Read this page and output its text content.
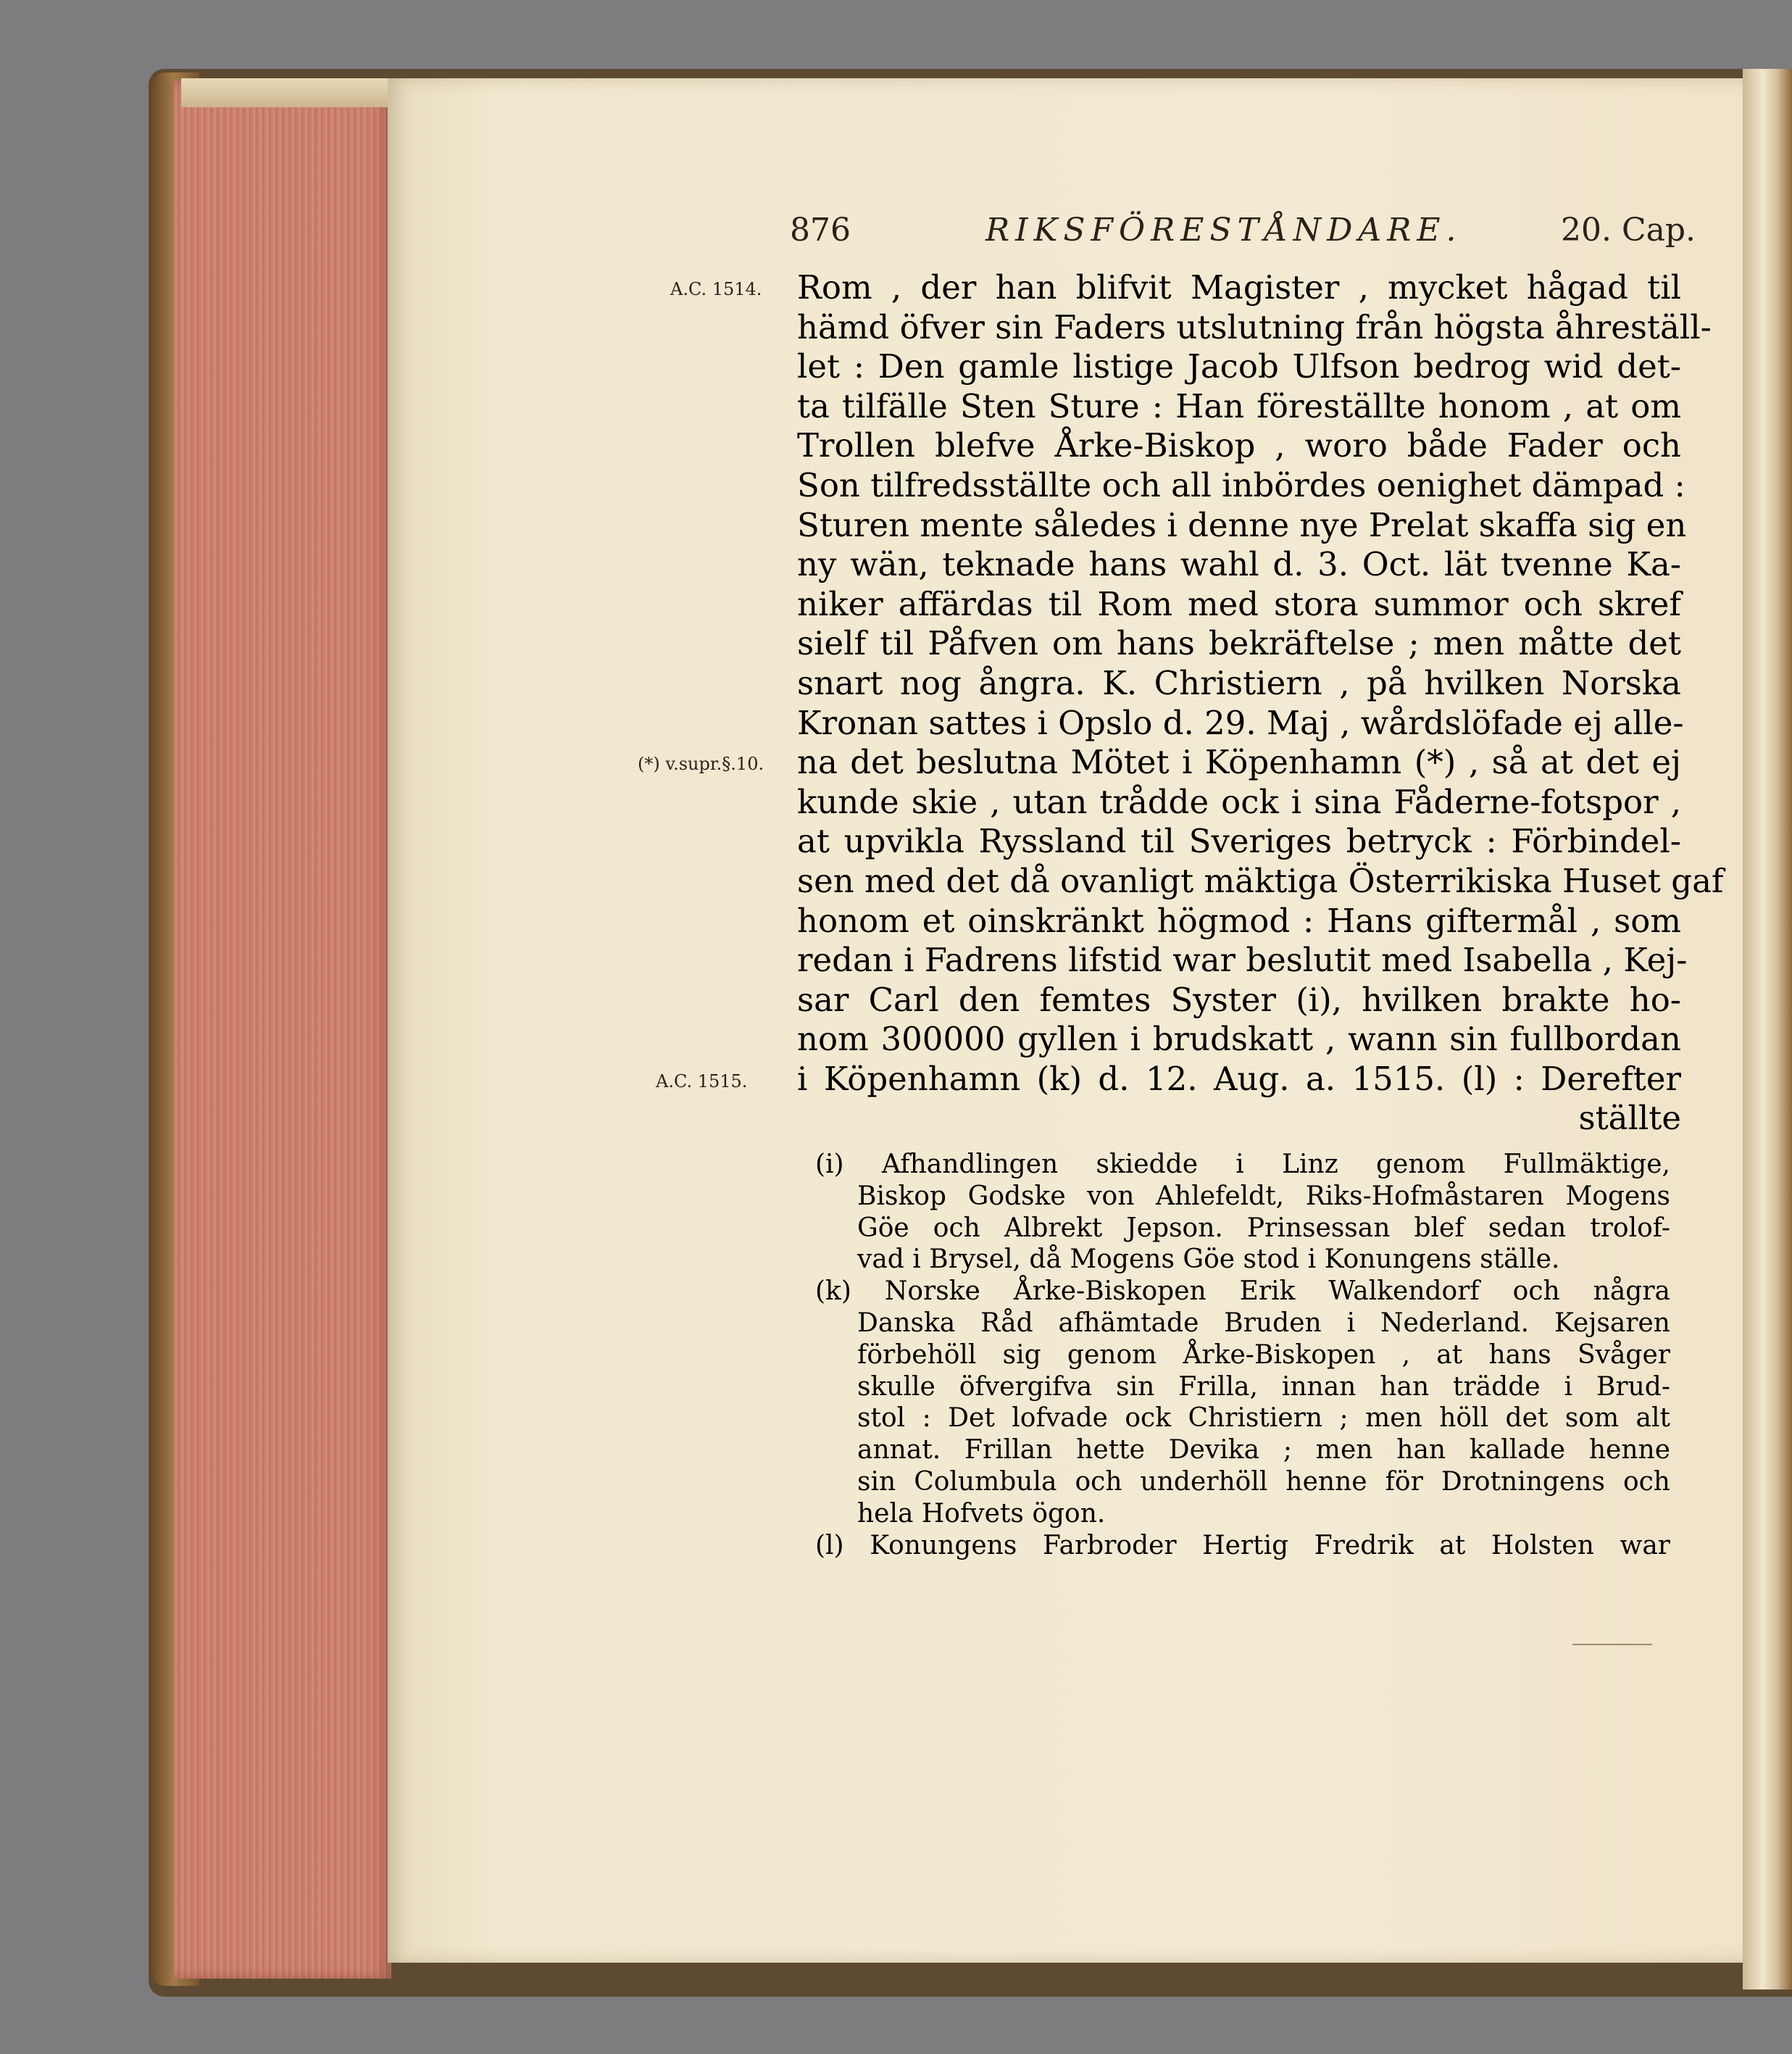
876	RIKSFÖRESTÅNDARE.	20. Cap.
A.C. 1514.
(*) v.supr.§.10.
A.C. 1515.
Rom , der han blifvit Magister , mycket hågad til
hämd öfver sin Faders utslutning från högsta åhreställ-
let : Den gamle listige Jacob Ulfson bedrog wid det-
ta tilfälle Sten Sture : Han föreställte honom , at om
Trollen blefve Årke-Biskop , woro både Fader och
Son tilfredsställte och all inbördes oenighet dämpad :
Sturen mente således i denne nye Prelat skaffa sig en
ny wän, teknade hans wahl d. 3. Oct. lät tvenne Ka-
niker affärdas til Rom med stora summor och skref
sielf til Påfven om hans bekräftelse ; men måtte det
snart nog ångra. K. Christiern , på hvilken Norska
Kronan sattes i Opslo d. 29. Maj , wårdslöfade ej alle-
na det beslutna Mötet i Köpenhamn (*) , så at det ej
kunde skie , utan trådde ock i sina Fåderne-fotspor ,
at upvikla Ryssland til Sveriges betryck : Förbindel-
sen med det då ovanligt mäktiga Österrikiska Huset gaf
honom et oinskränkt högmod : Hans giftermål , som
redan i Fadrens lifstid war beslutit med Isabella , Kej-
sar Carl den femtes Syster (i), hvilken brakte ho-
nom 300000 gyllen i brudskatt , wann sin fullbordan
i Köpenhamn (k) d. 12. Aug. a. 1515. (l) : Derefter
ställte
(i) Afhandlingen skiedde i Linz genom Fullmäktige,
Biskop Godske von Ahlefeldt, Riks-Hofmåstaren Mogens
Göe och Albrekt Jepson. Prinsessan blef sedan trolof-
vad i Brysel, då Mogens Göe stod i Konungens ställe.
(k) Norske Årke-Biskopen Erik Walkendorf och några
Danska Råd afhämtade Bruden i Nederland. Kejsaren
förbehöll sig genom Årke-Biskopen , at hans Svåger
skulle öfvergifva sin Frilla, innan han trädde i Brud-
stol : Det lofvade ock Christiern ; men höll det som alt
annat. Frillan hette Devika ; men han kallade henne
sin Columbula och underhöll henne för Drotningens och
hela Hofvets ögon.
(l) Konungens Farbroder Hertig Fredrik at Holsten war
